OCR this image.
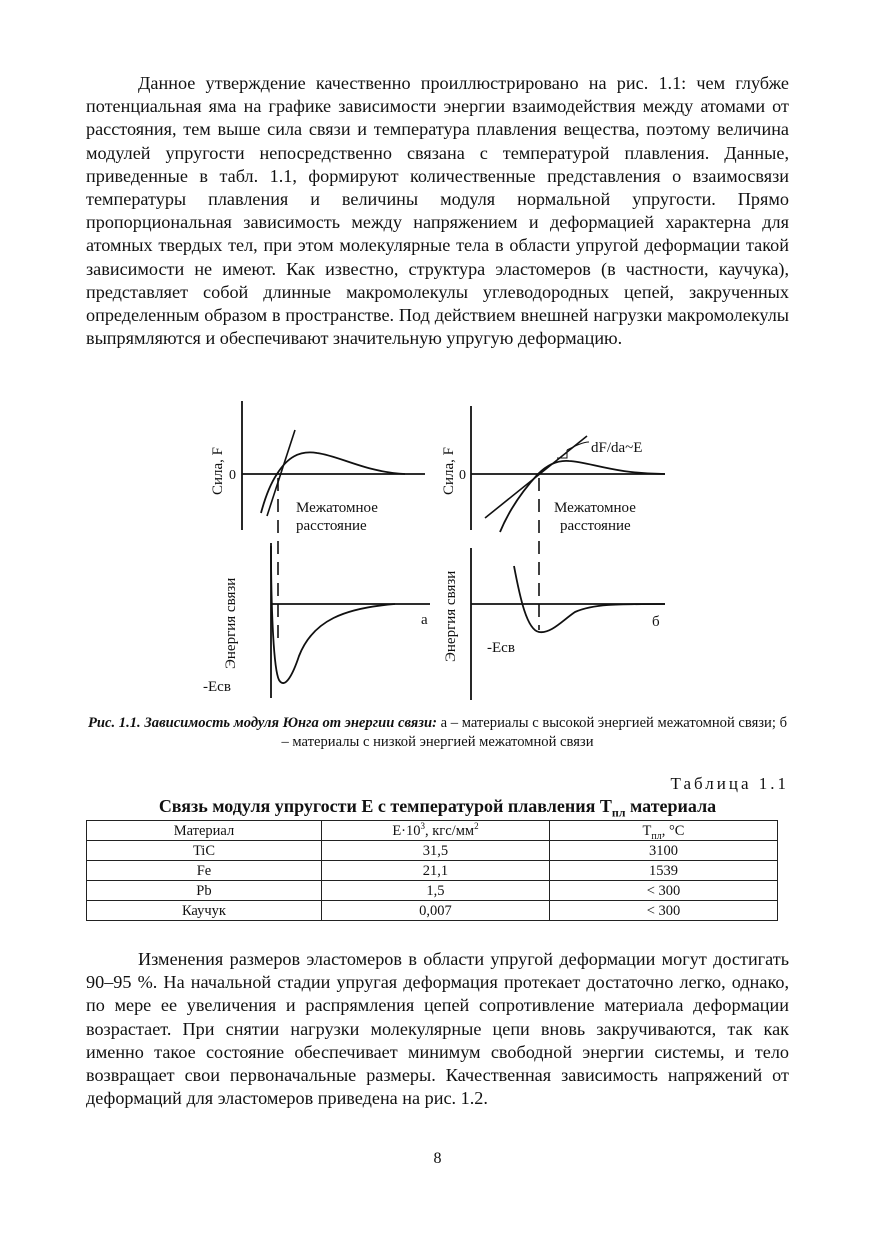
Данное утверждение качественно проиллюстрировано на рис. 1.1: чем глубже потенциальная яма на графике зависимости энергии взаимодействия между атомами от расстояния, тем выше сила связи и температура плавления вещества, поэтому величина модулей упругости непосредственно связана с температурой плавления. Данные, приведенные в табл. 1.1, формируют количественные представления о взаимосвязи температуры плавления и величины модуля нормальной упругости. Прямо пропорциональная зависимость между напряжением и деформацией характерна для атомных твердых тел, при этом молекулярные тела в области упругой деформации такой зависимости не имеют. Как известно, структура эластомеров (в частности, каучука), представляет собой длинные макромолекулы углеводородных цепей, закрученных определенным образом в пространстве. Под действием внешней нагрузки макромолекулы выпрямляются и обеспечивают значительную упругую деформацию.

Сила, F 0
Межатомное
расстояние
Энергия связи	а
-Есв
Сила, F 0
dF/da~E
Межатомное
расстояние
Энергия связи	б
-Есв
Рис. 1.1. Зависимость модуля Юнга от энергии связи: а – материалы с высокой энергией межатомной связи; б – материалы с низкой энергией межатомной связи
Таблица 1.1
Связь модуля упругости Е с температурой плавления $Т_{пл}$ материала
Материал	$Е\cdot 10^3$, кгс/$мм^2$	$Т_{пл}$, °С
TiC	31,5	3100
Fe	21,1	1539
Pb	1,5	< 300
Каучук	0,007	< 300

Изменения размеров эластомеров в области упругой деформации могут достигать 90–95 %. На начальной стадии упругая деформация протекает достаточно легко, однако, по мере ее увеличения и распрямления цепей сопротивление материала деформации возрастает. При снятии нагрузки молекулярные цепи вновь закручиваются, так как именно такое состояние обеспечивает минимум свободной энергии системы, и тело возвращает свои первоначальные размеры. Качественная зависимость напряжений от деформаций для эластомеров приведена на рис. 1.2.

8
